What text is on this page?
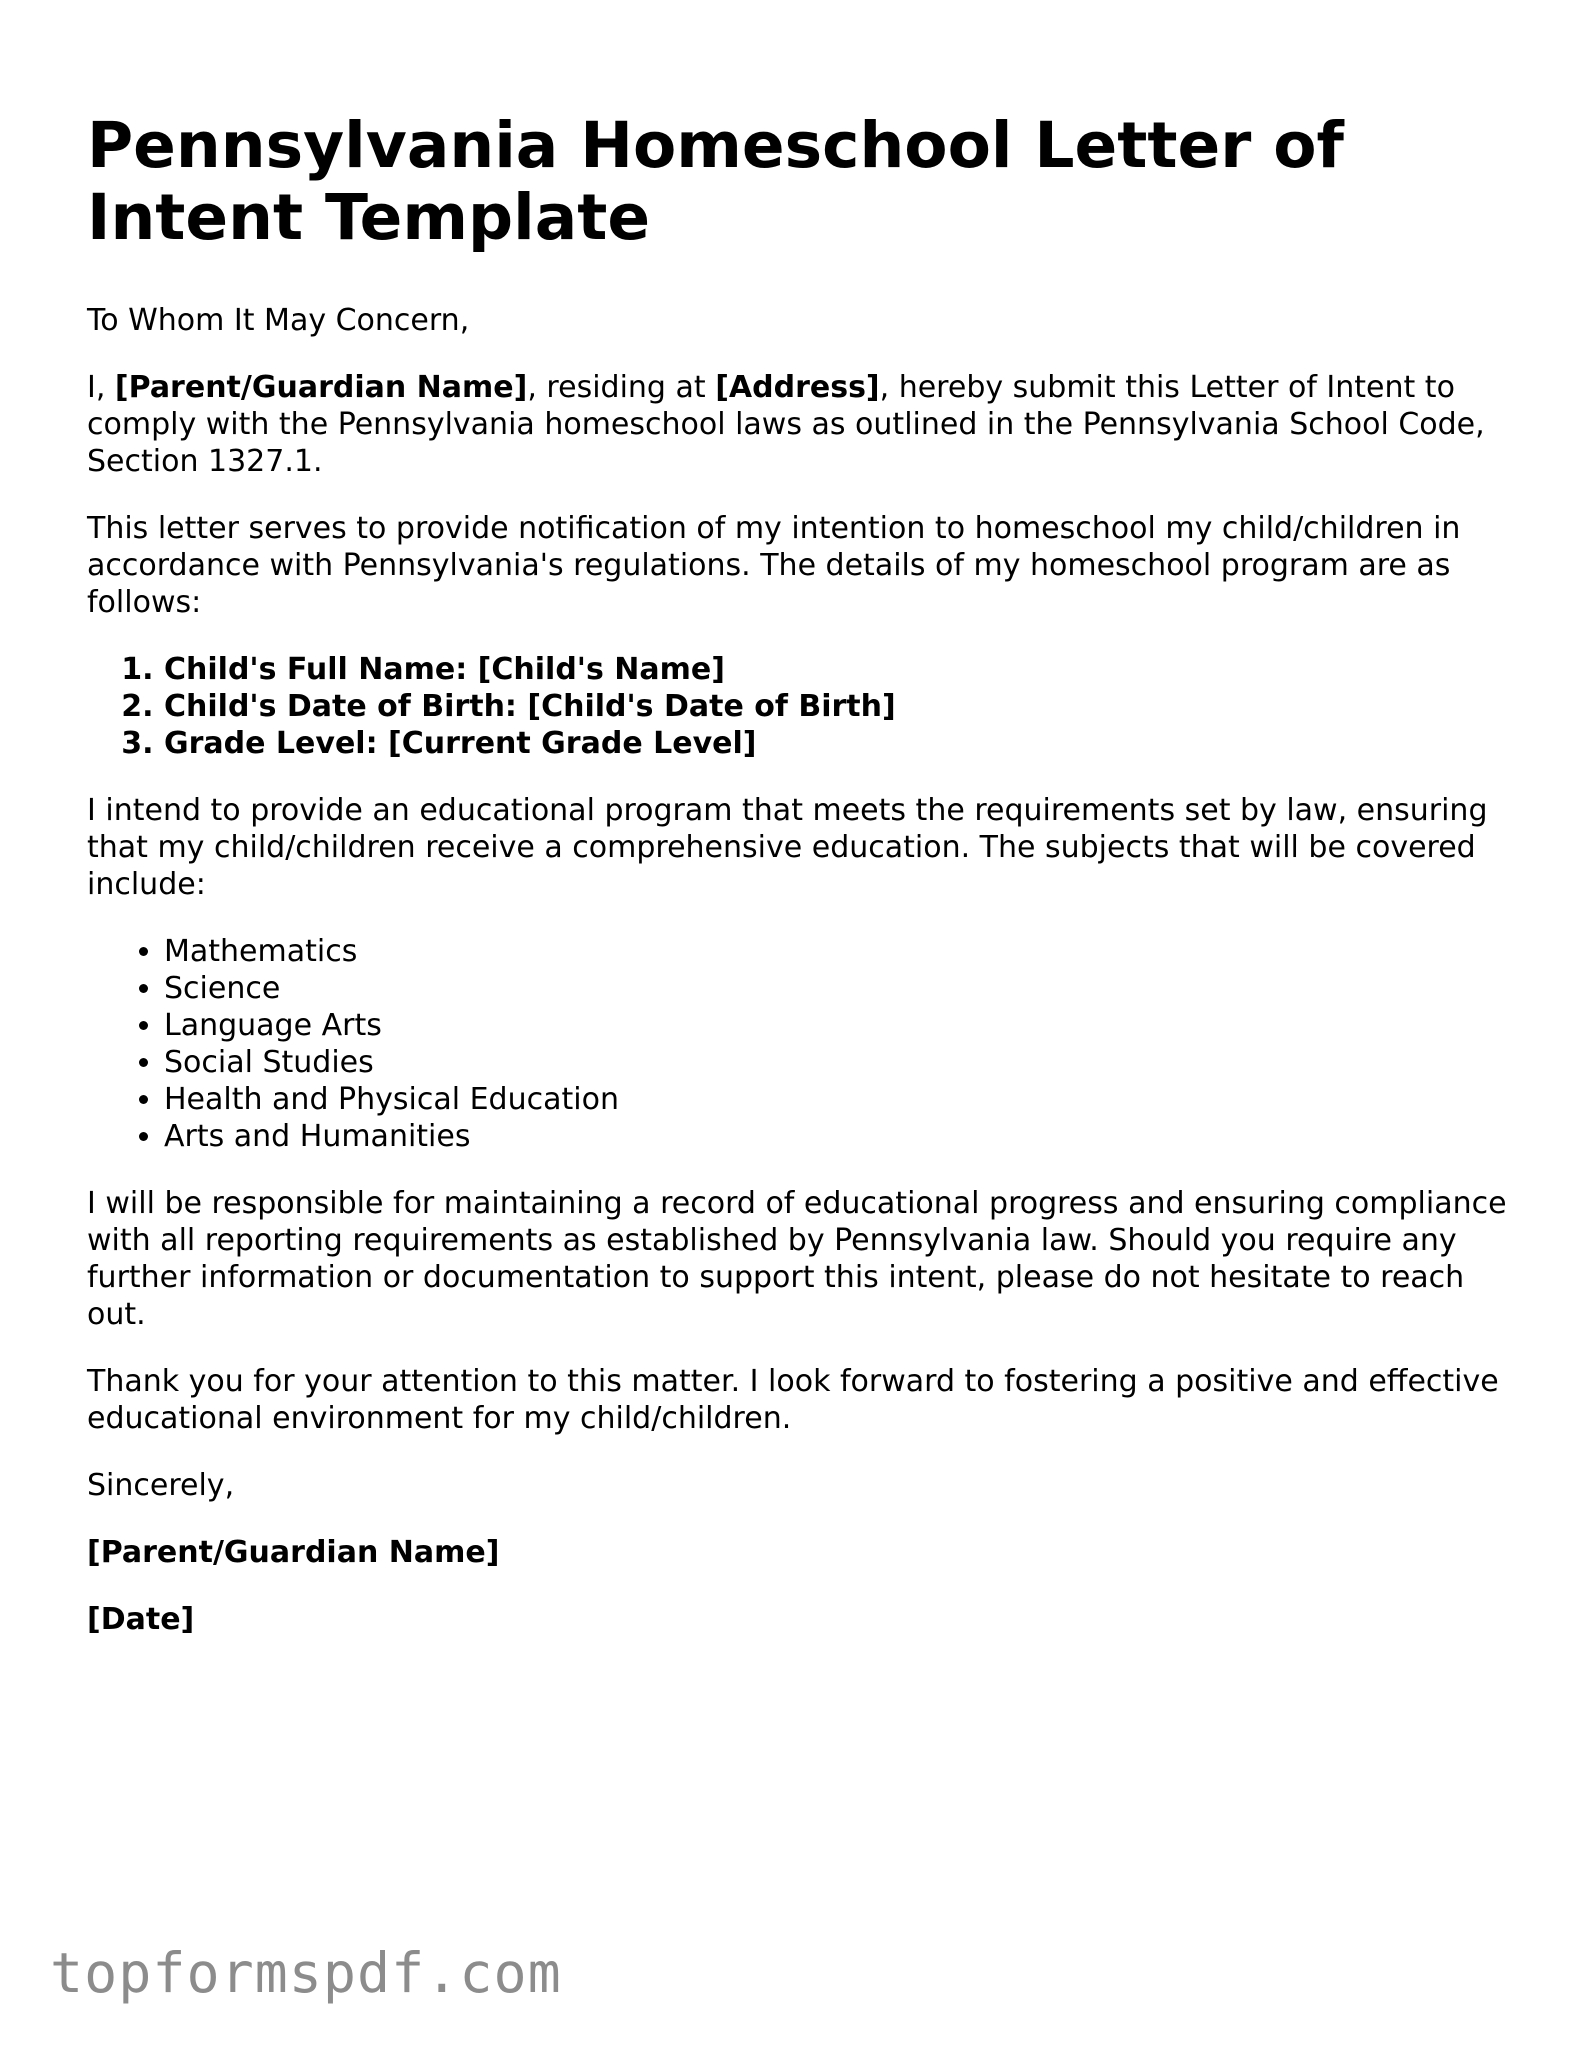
Pennsylvania Homeschool Letter of Intent Template

To Whom It May Concern,

I, [Parent/Guardian Name], residing at [Address], hereby submit this Letter of Intent to comply with the Pennsylvania homeschool laws as outlined in the Pennsylvania School Code, Section 1327.1.

This letter serves to provide notification of my intention to homeschool my child/children in accordance with Pennsylvania's regulations. The details of my homeschool program are as follows:

1. Child's Full Name: [Child's Name]
2. Child's Date of Birth: [Child's Date of Birth]
3. Grade Level: [Current Grade Level]

I intend to provide an educational program that meets the requirements set by law, ensuring that my child/children receive a comprehensive education. The subjects that will be covered include:

• Mathematics
• Science
• Language Arts
• Social Studies
• Health and Physical Education
• Arts and Humanities

I will be responsible for maintaining a record of educational progress and ensuring compliance with all reporting requirements as established by Pennsylvania law. Should you require any further information or documentation to support this intent, please do not hesitate to reach out.

Thank you for your attention to this matter. I look forward to fostering a positive and effective educational environment for my child/children.

Sincerely,

[Parent/Guardian Name]

[Date]

topformspdf.com
